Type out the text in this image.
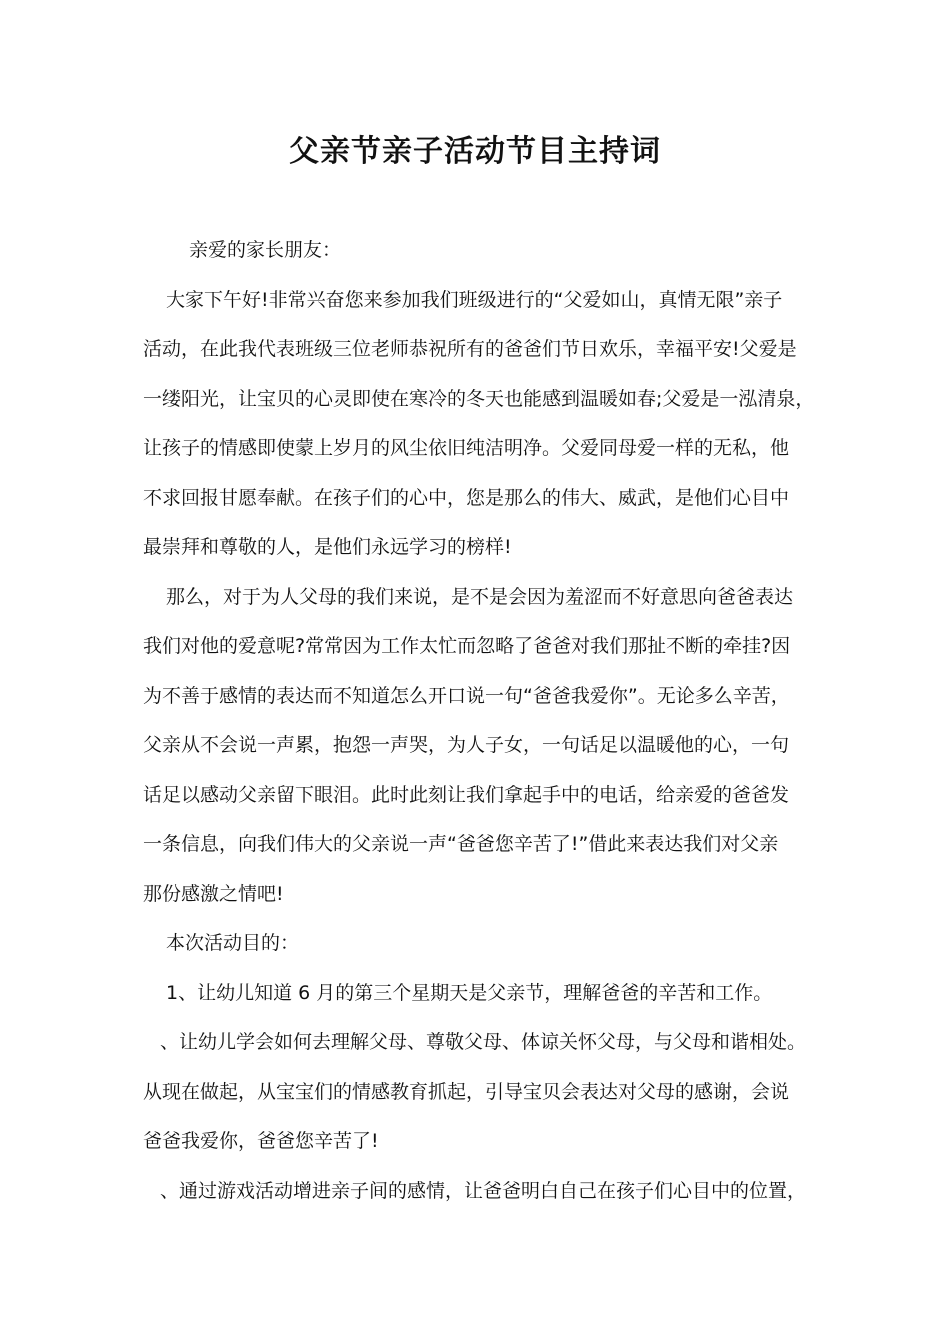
父亲节亲子活动节目主持词
亲爱的家长朋友：
大家下午好!非常兴奋您来参加我们班级进行的“父爱如山，真情无限”亲子
活动，在此我代表班级三位老师恭祝所有的爸爸们节日欢乐，幸福平安!父爱是
一缕阳光，让宝贝的心灵即使在寒冷的冬天也能感到温暖如春;父爱是一泓清泉，
让孩子的情感即使蒙上岁月的风尘依旧纯洁明净。父爱同母爱一样的无私，他
不求回报甘愿奉献。在孩子们的心中，您是那么的伟大、威武，是他们心目中
最崇拜和尊敬的人，是他们永远学习的榜样!
那么，对于为人父母的我们来说，是不是会因为羞涩而不好意思向爸爸表达
我们对他的爱意呢?常常因为工作太忙而忽略了爸爸对我们那扯不断的牵挂?因
为不善于感情的表达而不知道怎么开口说一句“爸爸我爱你”。无论多么辛苦，
父亲从不会说一声累，抱怨一声哭，为人子女，一句话足以温暖他的心，一句
话足以感动父亲留下眼泪。此时此刻让我们拿起手中的电话，给亲爱的爸爸发
一条信息，向我们伟大的父亲说一声“爸爸您辛苦了!”借此来表达我们对父亲
那份感激之情吧!
本次活动目的：
1、让幼儿知道 6 月的第三个星期天是父亲节，理解爸爸的辛苦和工作。
、让幼儿学会如何去理解父母、尊敬父母、体谅关怀父母，与父母和谐相处。
从现在做起，从宝宝们的情感教育抓起，引导宝贝会表达对父母的感谢，会说
爸爸我爱你，爸爸您辛苦了!
、通过游戏活动增进亲子间的感情，让爸爸明白自己在孩子们心目中的位置，
